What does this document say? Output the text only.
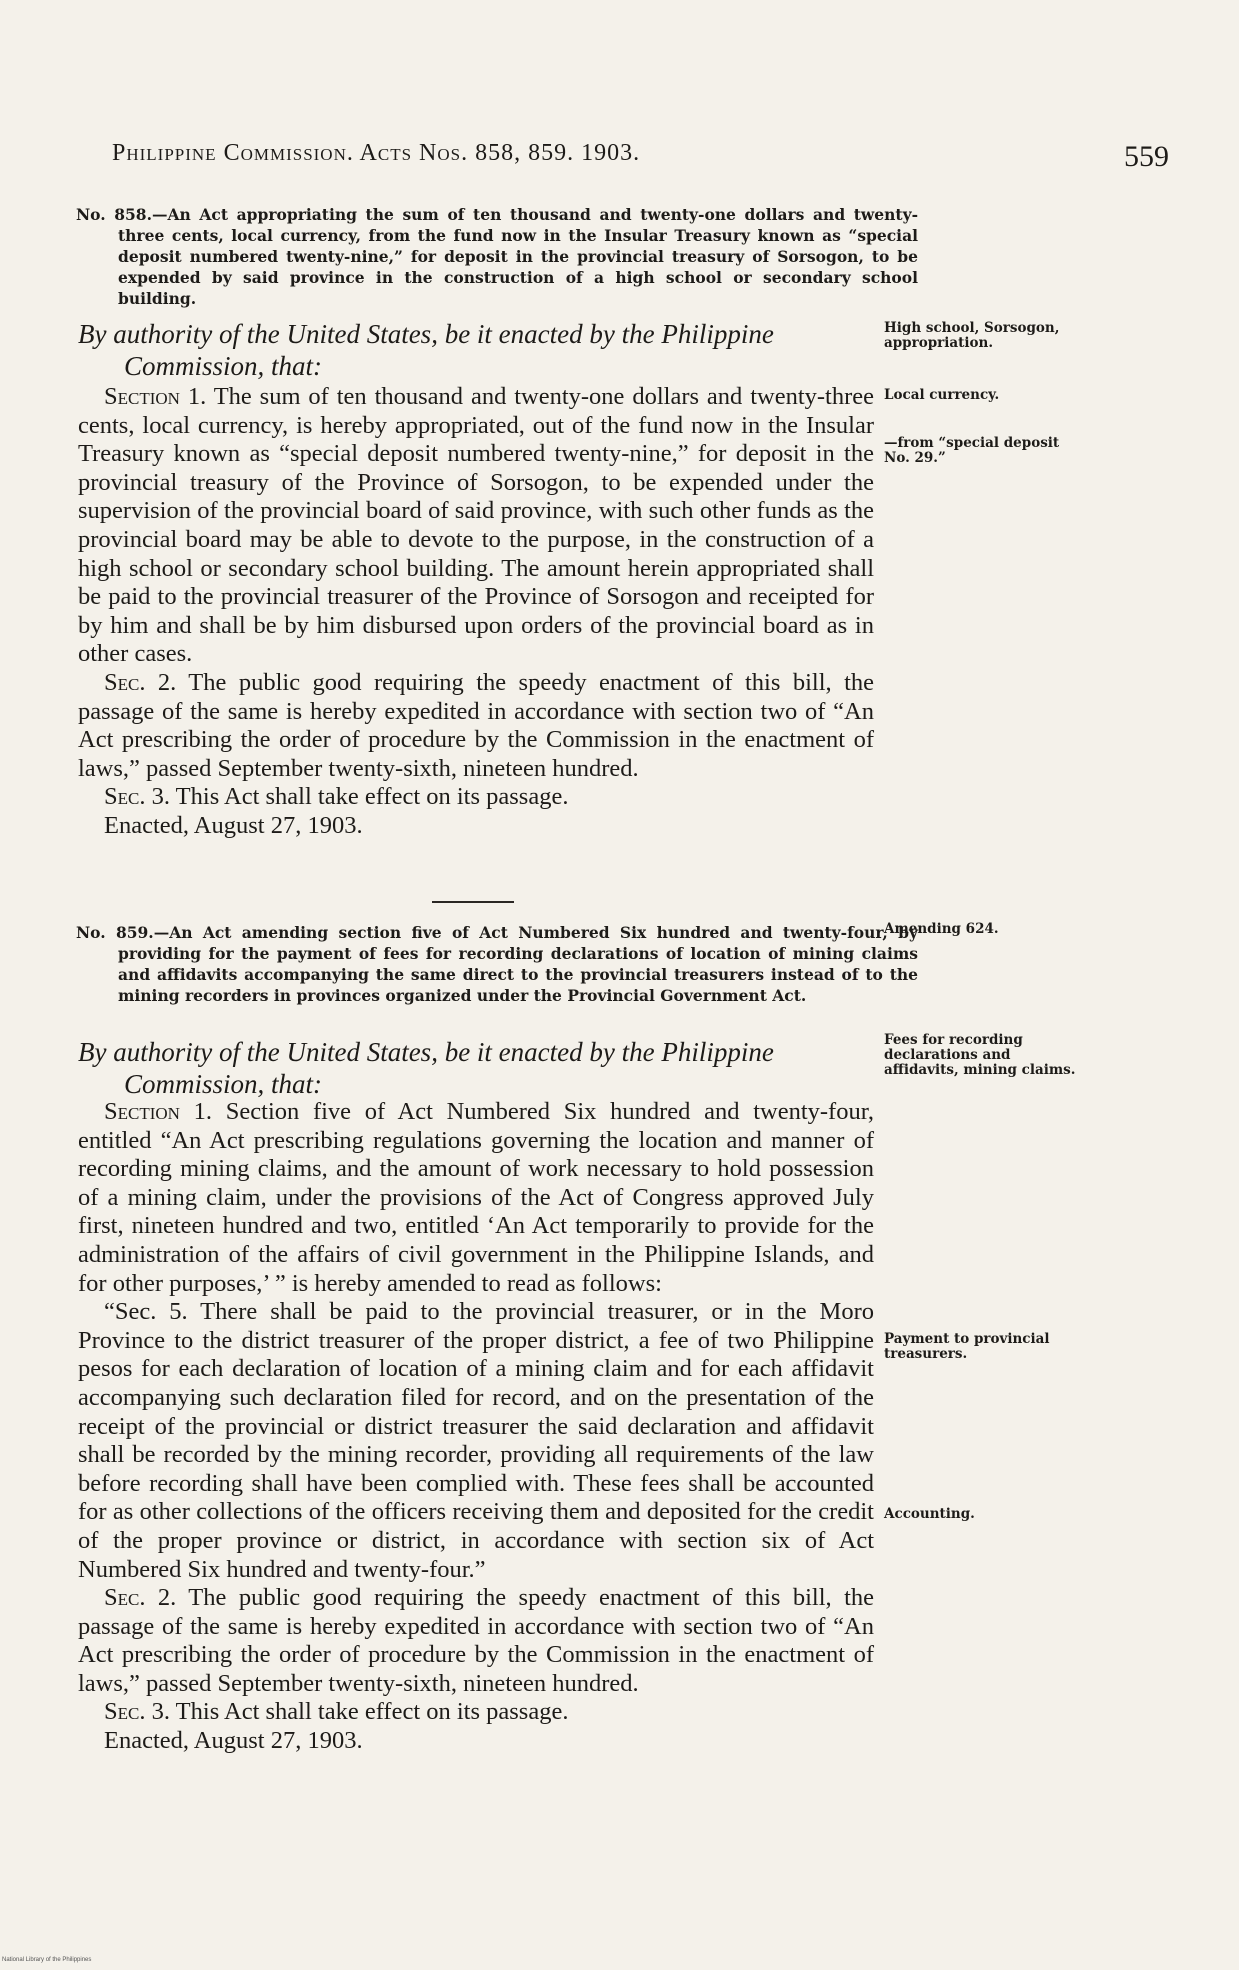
Philippine Commission. Acts Nos. 858, 859. 1903.	559
No. 858.—An Act appropriating the sum of ten thousand and twenty-one dollars and twenty-three cents, local currency, from the fund now in the Insular Treasury known as “special deposit numbered twenty-nine,” for deposit in the provincial treasury of Sorsogon, to be expended by said province in the construction of a high school or secondary school building.
By authority of the United States, be it enacted by the Philippine
Commission, that:

Section 1. The sum of ten thousand and twenty-one dollars and twenty-three cents, local currency, is hereby appropriated, out of the fund now in the Insular Treasury known as “special deposit numbered twenty-nine,” for deposit in the provincial treasury of the Province of Sorsogon, to be expended under the supervision of the provincial board of said province, with such other funds as the provincial board may be able to devote to the purpose, in the construction of a high school or secondary school building. The amount herein appropriated shall be paid to the provincial treasurer of the Province of Sorsogon and receipted for by him and shall be by him disbursed upon orders of the provincial board as in other cases.

Sec. 2. The public good requiring the speedy enactment of this bill, the passage of the same is hereby expedited in accordance with section two of “An Act prescribing the order of procedure by the Commission in the enactment of laws,” passed September twenty-sixth, nineteen hundred.

Sec. 3. This Act shall take effect on its passage.

Enacted, August 27, 1903.

No. 859.—An Act amending section five of Act Numbered Six hundred and twenty-four, by providing for the payment of fees for recording declarations of location of mining claims and affidavits accompanying the same direct to the provincial treasurers instead of to the mining recorders in provinces organized under the Provincial Government Act.
By authority of the United States, be it enacted by the Philippine
Commission, that:

Section 1. Section five of Act Numbered Six hundred and twenty-four, entitled “An Act prescribing regulations governing the location and manner of recording mining claims, and the amount of work necessary to hold possession of a mining claim, under the provisions of the Act of Congress approved July first, nineteen hundred and two, entitled ‘An Act temporarily to provide for the administration of the affairs of civil government in the Philippine Islands, and for other purposes,’ ” is hereby amended to read as follows:

“Sec. 5. There shall be paid to the provincial treasurer, or in the Moro Province to the district treasurer of the proper district, a fee of two Philippine pesos for each declaration of location of a mining claim and for each affidavit accompanying such declaration filed for record, and on the presentation of the receipt of the provincial or district treasurer the said declaration and affidavit shall be recorded by the mining recorder, providing all requirements of the law before recording shall have been complied with. These fees shall be accounted for as other collections of the officers receiving them and deposited for the credit of the proper province or district, in accordance with section six of Act Numbered Six hundred and twenty-four.”

Sec. 2. The public good requiring the speedy enactment of this bill, the passage of the same is hereby expedited in accordance with section two of “An Act prescribing the order of procedure by the Commission in the enactment of laws,” passed September twenty-sixth, nineteen hundred.

Sec. 3. This Act shall take effect on its passage.

Enacted, August 27, 1903.

High school, Sorsogon, appropriation.
Local currency.
—from “special deposit No. 29.”
Amending 624.
Fees for recording declarations and affidavits, mining claims.
Payment to provincial treasurers.
Accounting.
National Library of the Philippines
